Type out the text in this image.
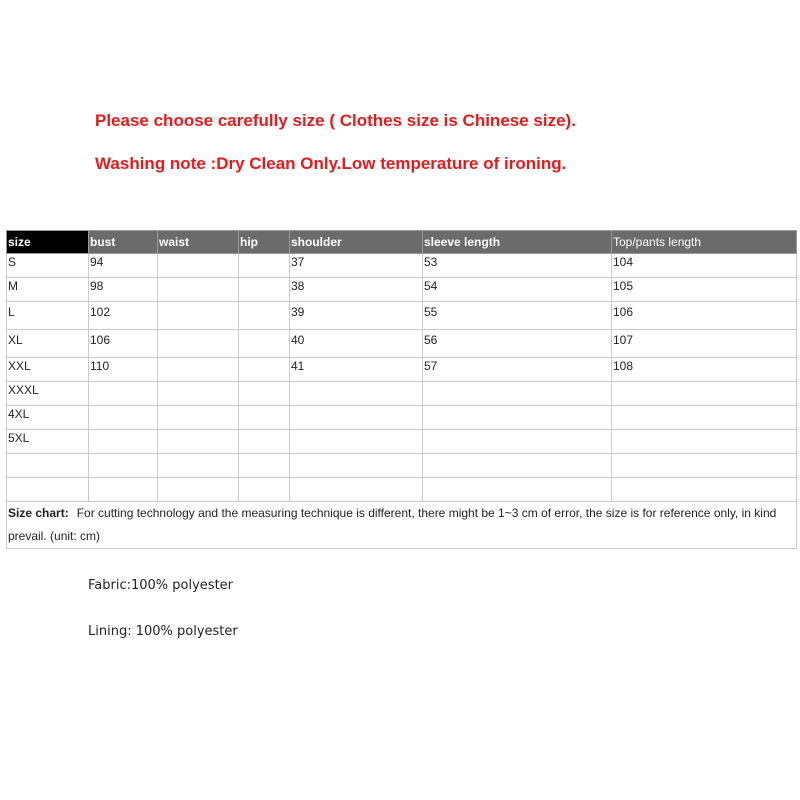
Please choose carefully size ( Clothes size is Chinese size).

Washing note :Dry Clean Only.Low temperature of ironing.

size	bust	waist	hip	shoulder	sleeve length	Top/pants length
S	94			37	53	104
M	98			38	54	105
L	102			39	55	106
XL	106			40	56	107
XXL	110			41	57	108
XXXL						
4XL						
5XL						

Size chart: For cutting technology and the measuring technique is different, there might be 1~3 cm of error, the size is for reference only, in kind prevail. (unit: cm)						

Fabric:100% polyester

Lining: 100% polyester
